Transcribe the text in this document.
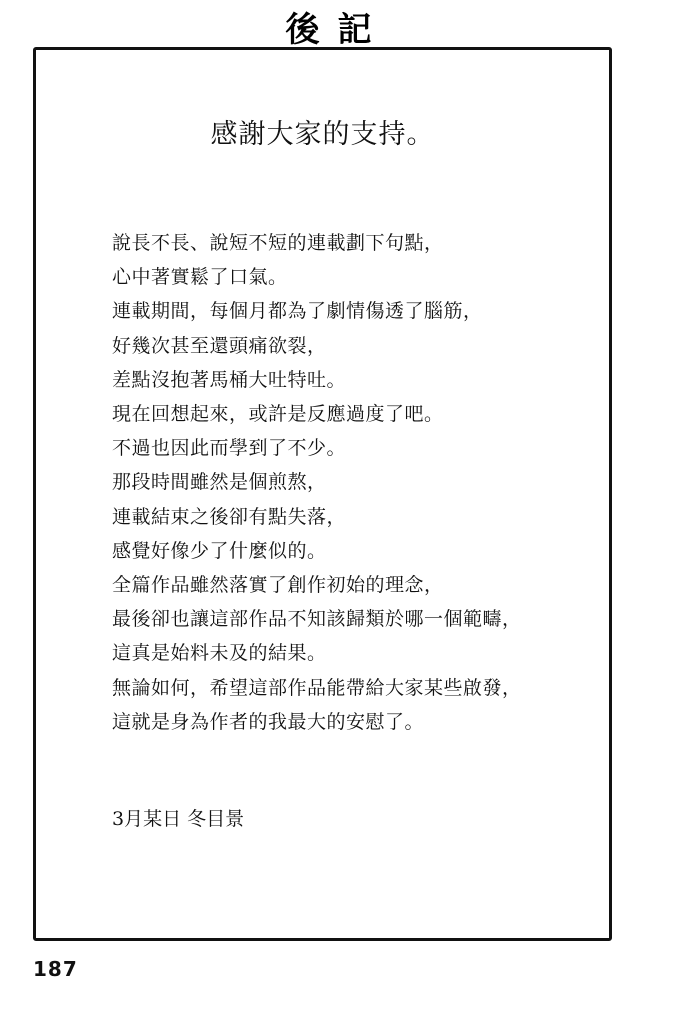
後記
感謝大家的支持。
說長不長、說短不短的連載劃下句點，
心中著實鬆了口氣。
連載期間，每個月都為了劇情傷透了腦筋，
好幾次甚至還頭痛欲裂，
差點沒抱著馬桶大吐特吐。
現在回想起來，或許是反應過度了吧。
不過也因此而學到了不少。
那段時間雖然是個煎熬，
連載結束之後卻有點失落，
感覺好像少了什麼似的。
全篇作品雖然落實了創作初始的理念，
最後卻也讓這部作品不知該歸類於哪一個範疇，
這真是始料未及的結果。
無論如何，希望這部作品能帶給大家某些啟發，
這就是身為作者的我最大的安慰了。
3月某日 冬目景
187
